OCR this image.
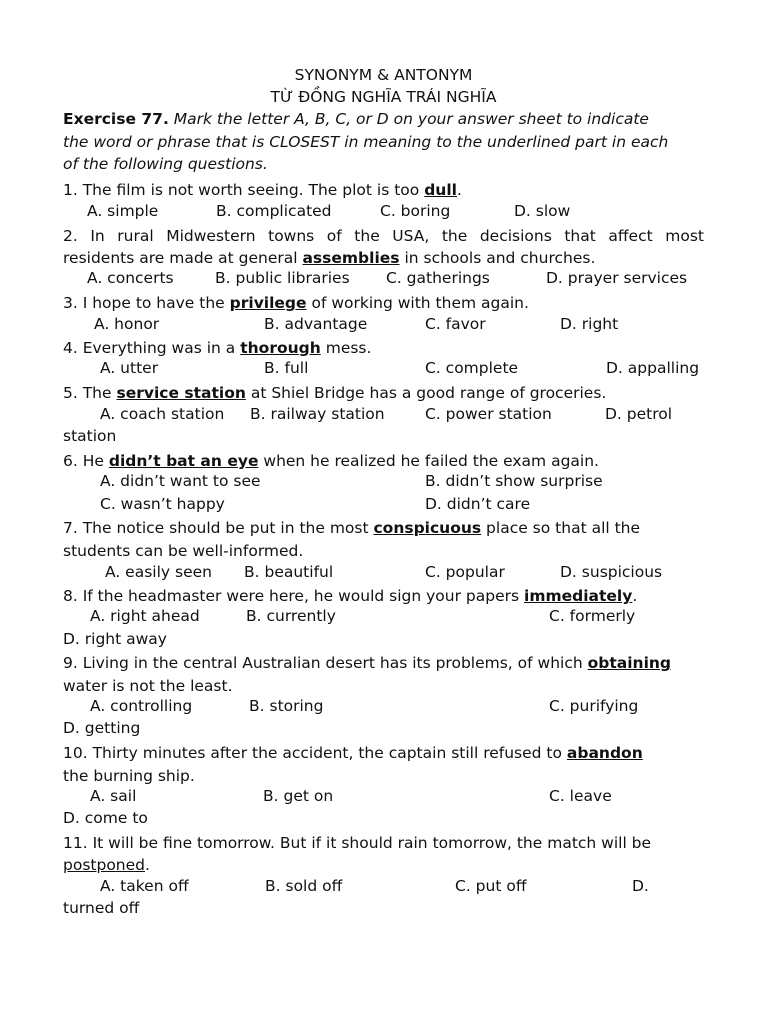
SYNONYM & ANTONYM
TỪ ĐỒNG NGHĨA TRÁI NGHĨA
Exercise 77. Mark the letter A, B, C, or D on your answer sheet to indicate
the word or phrase that is CLOSEST in meaning to the underlined part in each
of the following questions.
1. The film is not worth seeing. The plot is too dull.
A. simple	B. complicated	C. boring	D. slow
2. In rural Midwestern towns of the USA, the decisions that affect most
residents are made at general assemblies in schools and churches.
A. concerts	B. public libraries C. gatherings	D. prayer services
3. I hope to have the privilege of working with them again.
A. honor	B. advantage	C. favor	D. right
4. Everything was in a thorough mess.
A. utter	B. full	C. complete	D. appalling
5. The service station at Shiel Bridge has a good range of groceries.
A. coach station B. railway station	C. power station	D. petrol
station
6. He didn’t bat an eye when he realized he failed the exam again.
A. didn’t want to see	B. didn’t show surprise
C. wasn’t happy	D. didn’t care
7. The notice should be put in the most conspicuous place so that all the
students can be well-informed.
A. easily seen B. beautiful	C. popular	D. suspicious
8. If the headmaster were here, he would sign your papers immediately.
A. right ahead	B. currently	C. formerly
D. right away
9. Living in the central Australian desert has its problems, of which obtaining
water is not the least.
A. controlling	B. storing	C. purifying
D. getting
10. Thirty minutes after the accident, the captain still refused to abandon
the burning ship.
A. sail	B. get on	C. leave
D. come to
11. It will be fine tomorrow. But if it should rain tomorrow, the match will be
postponed.
A. taken off	B. sold off	C. put off	D.
turned off
